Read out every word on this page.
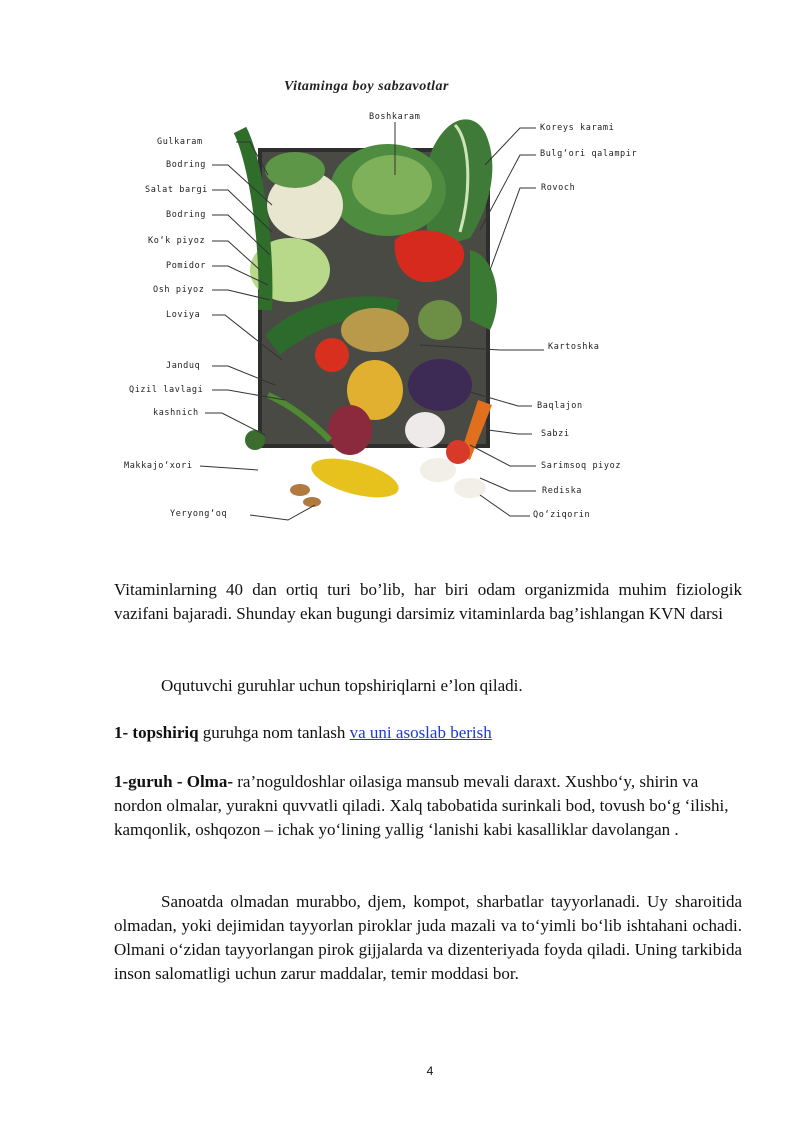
Vitaminga boy sabzavotlar
Gulkaram
Bodring
Salat bargi
Bodring
Ko‘k piyoz
Pomidor
Osh piyoz
Loviya
Janduq
Qizil lavlagi
kashnich
Makkajo‘xori
Yeryong‘oq
Boshkaram
Koreys karami
Bulg‘ori qalampir
Rovoch
Kartoshka
Baqlajon
Sabzi
Sarimsoq piyoz
Rediska
Qo‘ziqorin

Vitaminlarning 40 dan ortiq turi bo’lib, har biri odam organizmida muhim fiziologik vazifani bajaradi. Shunday ekan bugungi darsimiz vitaminlarda bag’ishlangan KVN darsi

Oqutuvchi guruhlar uchun topshiriqlarni e’lon qiladi.

1- topshiriq guruhga nom tanlash va uni asoslab berish

1-guruh - Olma- ra’noguldoshlar oilasiga mansub mevali daraxt. Xushbo‘y, shirin va nordon olmalar, yurakni quvvatli qiladi. Xalq tabobatida surinkali bod, tovush bo‘g ‘ilishi, kamqonlik, oshqozon – ichak yo‘lining yallig ‘lanishi kabi kasalliklar davolangan .

Sanoatda olmadan murabbo, djem, kompot, sharbatlar tayyorlanadi. Uy sharoitida olmadan, yoki dejimidan tayyorlan piroklar juda mazali va to‘yimli bo‘lib ishtahani ochadi. Olmani o‘zidan tayyorlangan pirok gijjalarda va dizenteriyada foyda qiladi. Uning tarkibida inson salomatligi uchun zarur maddalar, temir moddasi bor.

4
